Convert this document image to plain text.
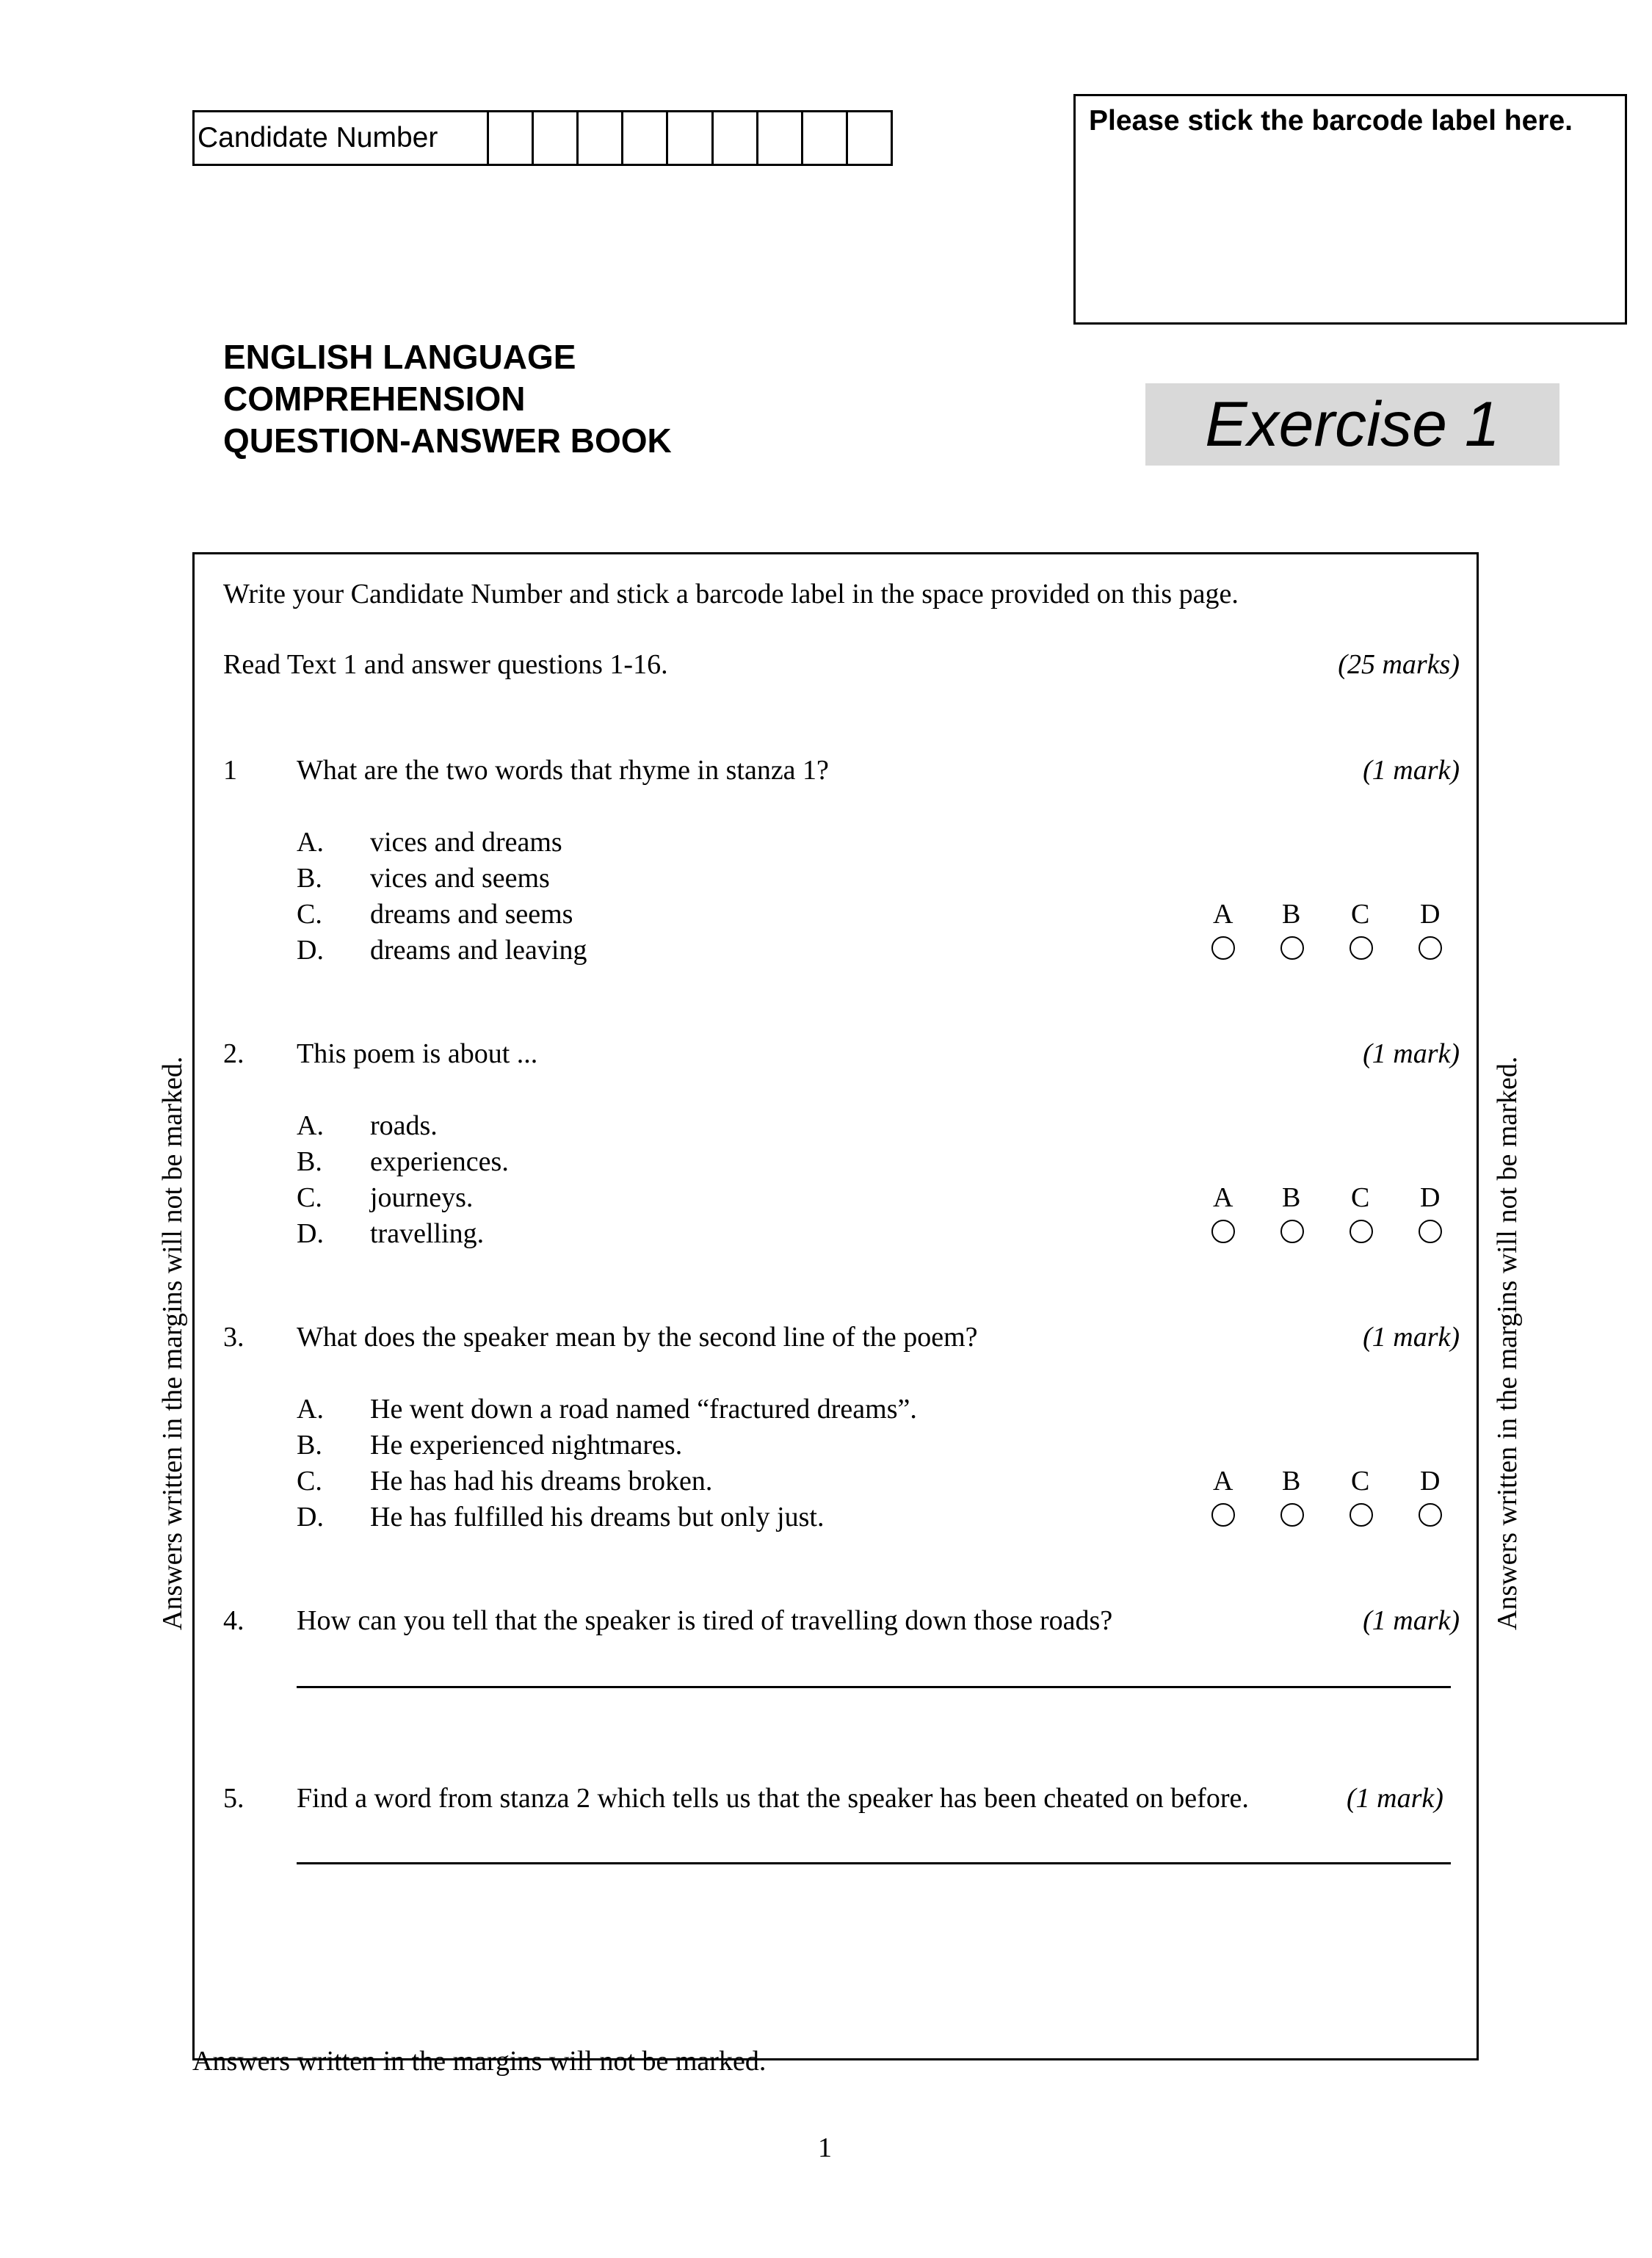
Candidate Number
Please stick the barcode label here.
ENGLISH LANGUAGE
COMPREHENSION
QUESTION-ANSWER BOOK	Exercise 1
Answers written in the margins will not be marked.	Answers written in the margins will not be marked.
Write your Candidate Number and stick a barcode label in the space provided on this page.
Read Text 1 and answer questions 1-16.	(25 marks)
1 What are the two words that rhyme in stanza 1?	(1 mark)
A. vices and dreams
B. vices and seems
C. dreams and seems
D. dreams and leaving
A B C D
2. This poem is about ...	(1 mark)
A. roads.
B. experiences.
C. journeys.
D. travelling.
A B C D
3. What does the speaker mean by the second line of the poem?	(1 mark)
A. He went down a road named “fractured dreams”.
B. He experienced nightmares.
C. He has had his dreams broken.
D. He has fulfilled his dreams but only just.
A B C D
4. How can you tell that the speaker is tired of travelling down those roads?	(1 mark)
5. Find a word from stanza 2 which tells us that the speaker has been cheated on before.	(1 mark)
Answers written in the margins will not be marked.
1
